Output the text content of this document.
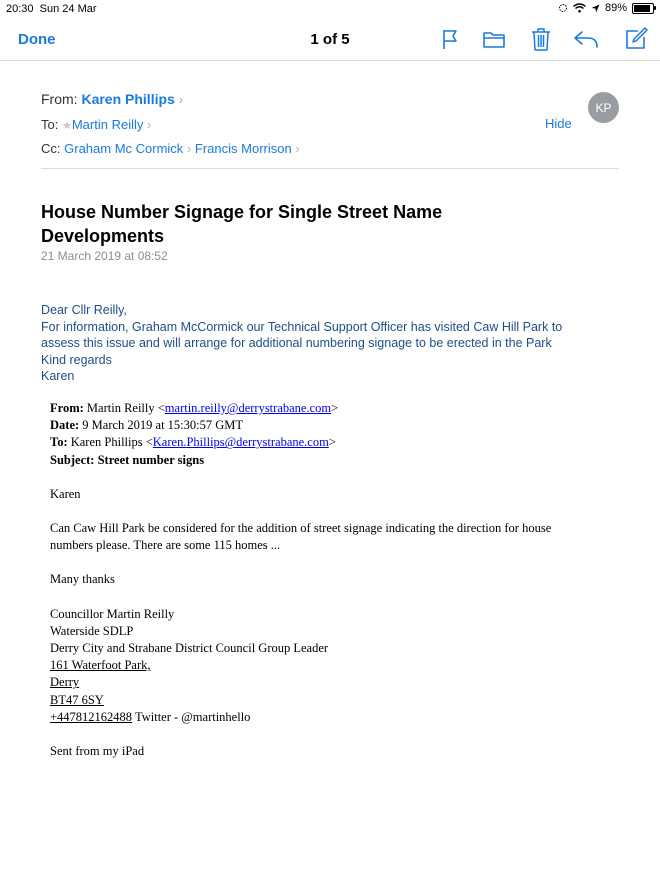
20:30 Sun 24 Mar	89%
Done	1 of 5
From: Karen Phillips ›
To: ★Martin Reilly ›
Cc: Graham Mc Cormick › Francis Morrison ›
Hide
KP
House Number Signage for Single Street Name Developments
21 March 2019 at 08:52
Dear Cllr Reilly,
For information, Graham McCormick our Technical Support Officer has visited Caw Hill Park to
assess this issue and will arrange for additional numbering signage to be erected in the Park
Kind regards
Karen
From: Martin Reilly <martin.reilly@derrystrabane.com>
Date: 9 March 2019 at 15:30:57 GMT
To: Karen Phillips <Karen.Phillips@derrystrabane.com>
Subject: Street number signs
Karen
Can Caw Hill Park be considered for the addition of street signage indicating the direction for house
numbers please. There are some 115 homes ...
Many thanks
Councillor Martin Reilly
Waterside SDLP
Derry City and Strabane District Council Group Leader
161 Waterfoot Park,
Derry
BT47 6SY
+447812162488 Twitter - @martinhello
Sent from my iPad
